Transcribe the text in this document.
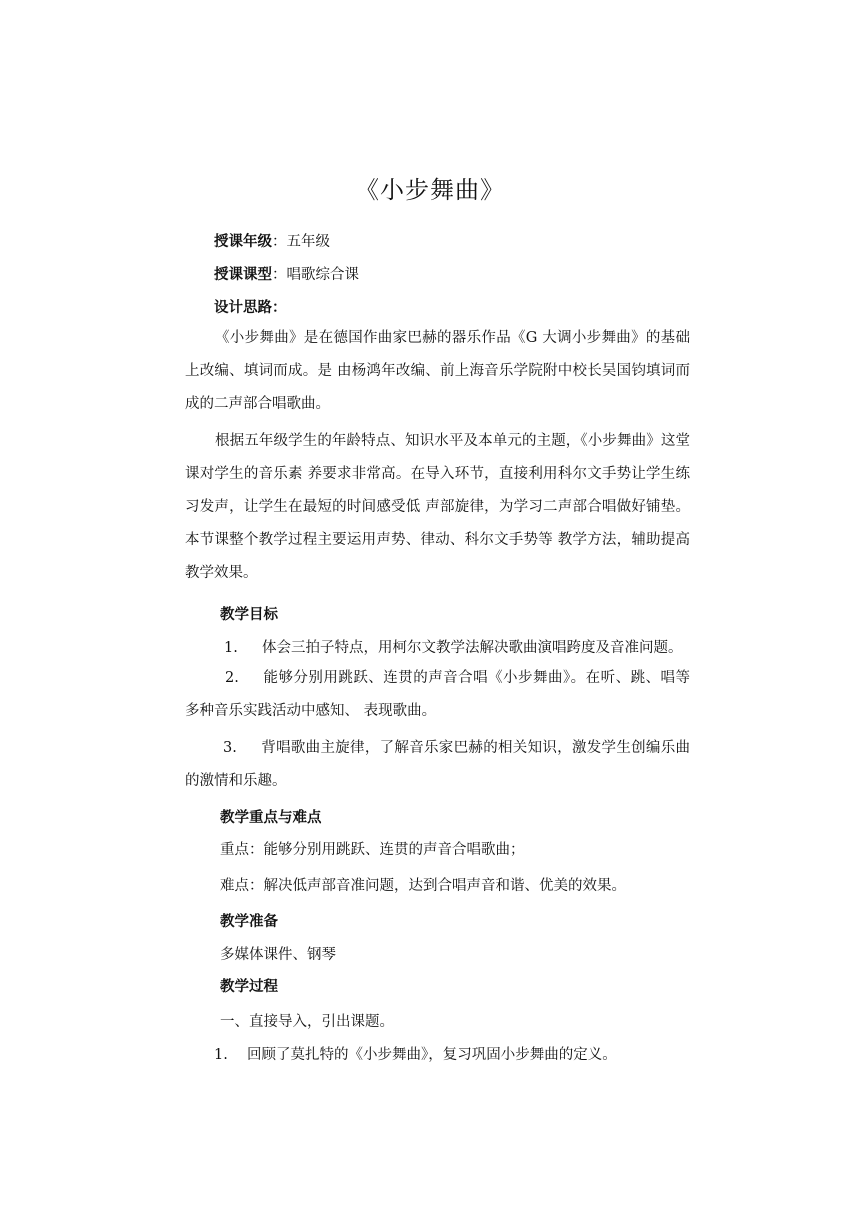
《小步舞曲》
授课年级：五年级
授课课型：唱歌综合课
设计思路：
《小步舞曲》是在德国作曲家巴赫的器乐作品《G 大调小步舞曲》的基础上改编、填词而成。是 由杨鸿年改编、前上海音乐学院附中校长吴国钧填词而成的二声部合唱歌曲。
根据五年级学生的年龄特点、知识水平及本单元的主题，《小步舞曲》这堂课对学生的音乐素 养要求非常高。在导入环节，直接利用科尔文手势让学生练习发声，让学生在最短的时间感受低 声部旋律，为学习二声部合唱做好铺垫。本节课整个教学过程主要运用声势、律动、科尔文手势等 教学方法，辅助提高教学效果。
教学目标
1. 体会三拍子特点，用柯尔文教学法解决歌曲演唱跨度及音准问题。
2. 能够分别用跳跃、连贯的声音合唱《小步舞曲》。在听、跳、唱等多种音乐实践活动中感知、 表现歌曲。
3. 背唱歌曲主旋律，了解音乐家巴赫的相关知识，激发学生创编乐曲的激情和乐趣。
教学重点与难点
重点：能够分别用跳跃、连贯的声音合唱歌曲；
难点：解决低声部音准问题，达到合唱声音和谐、优美的效果。
教学准备
多媒体课件、钢琴
教学过程
一、直接导入，引出课题。
1. 回顾了莫扎特的《小步舞曲》，复习巩固小步舞曲的定义。
